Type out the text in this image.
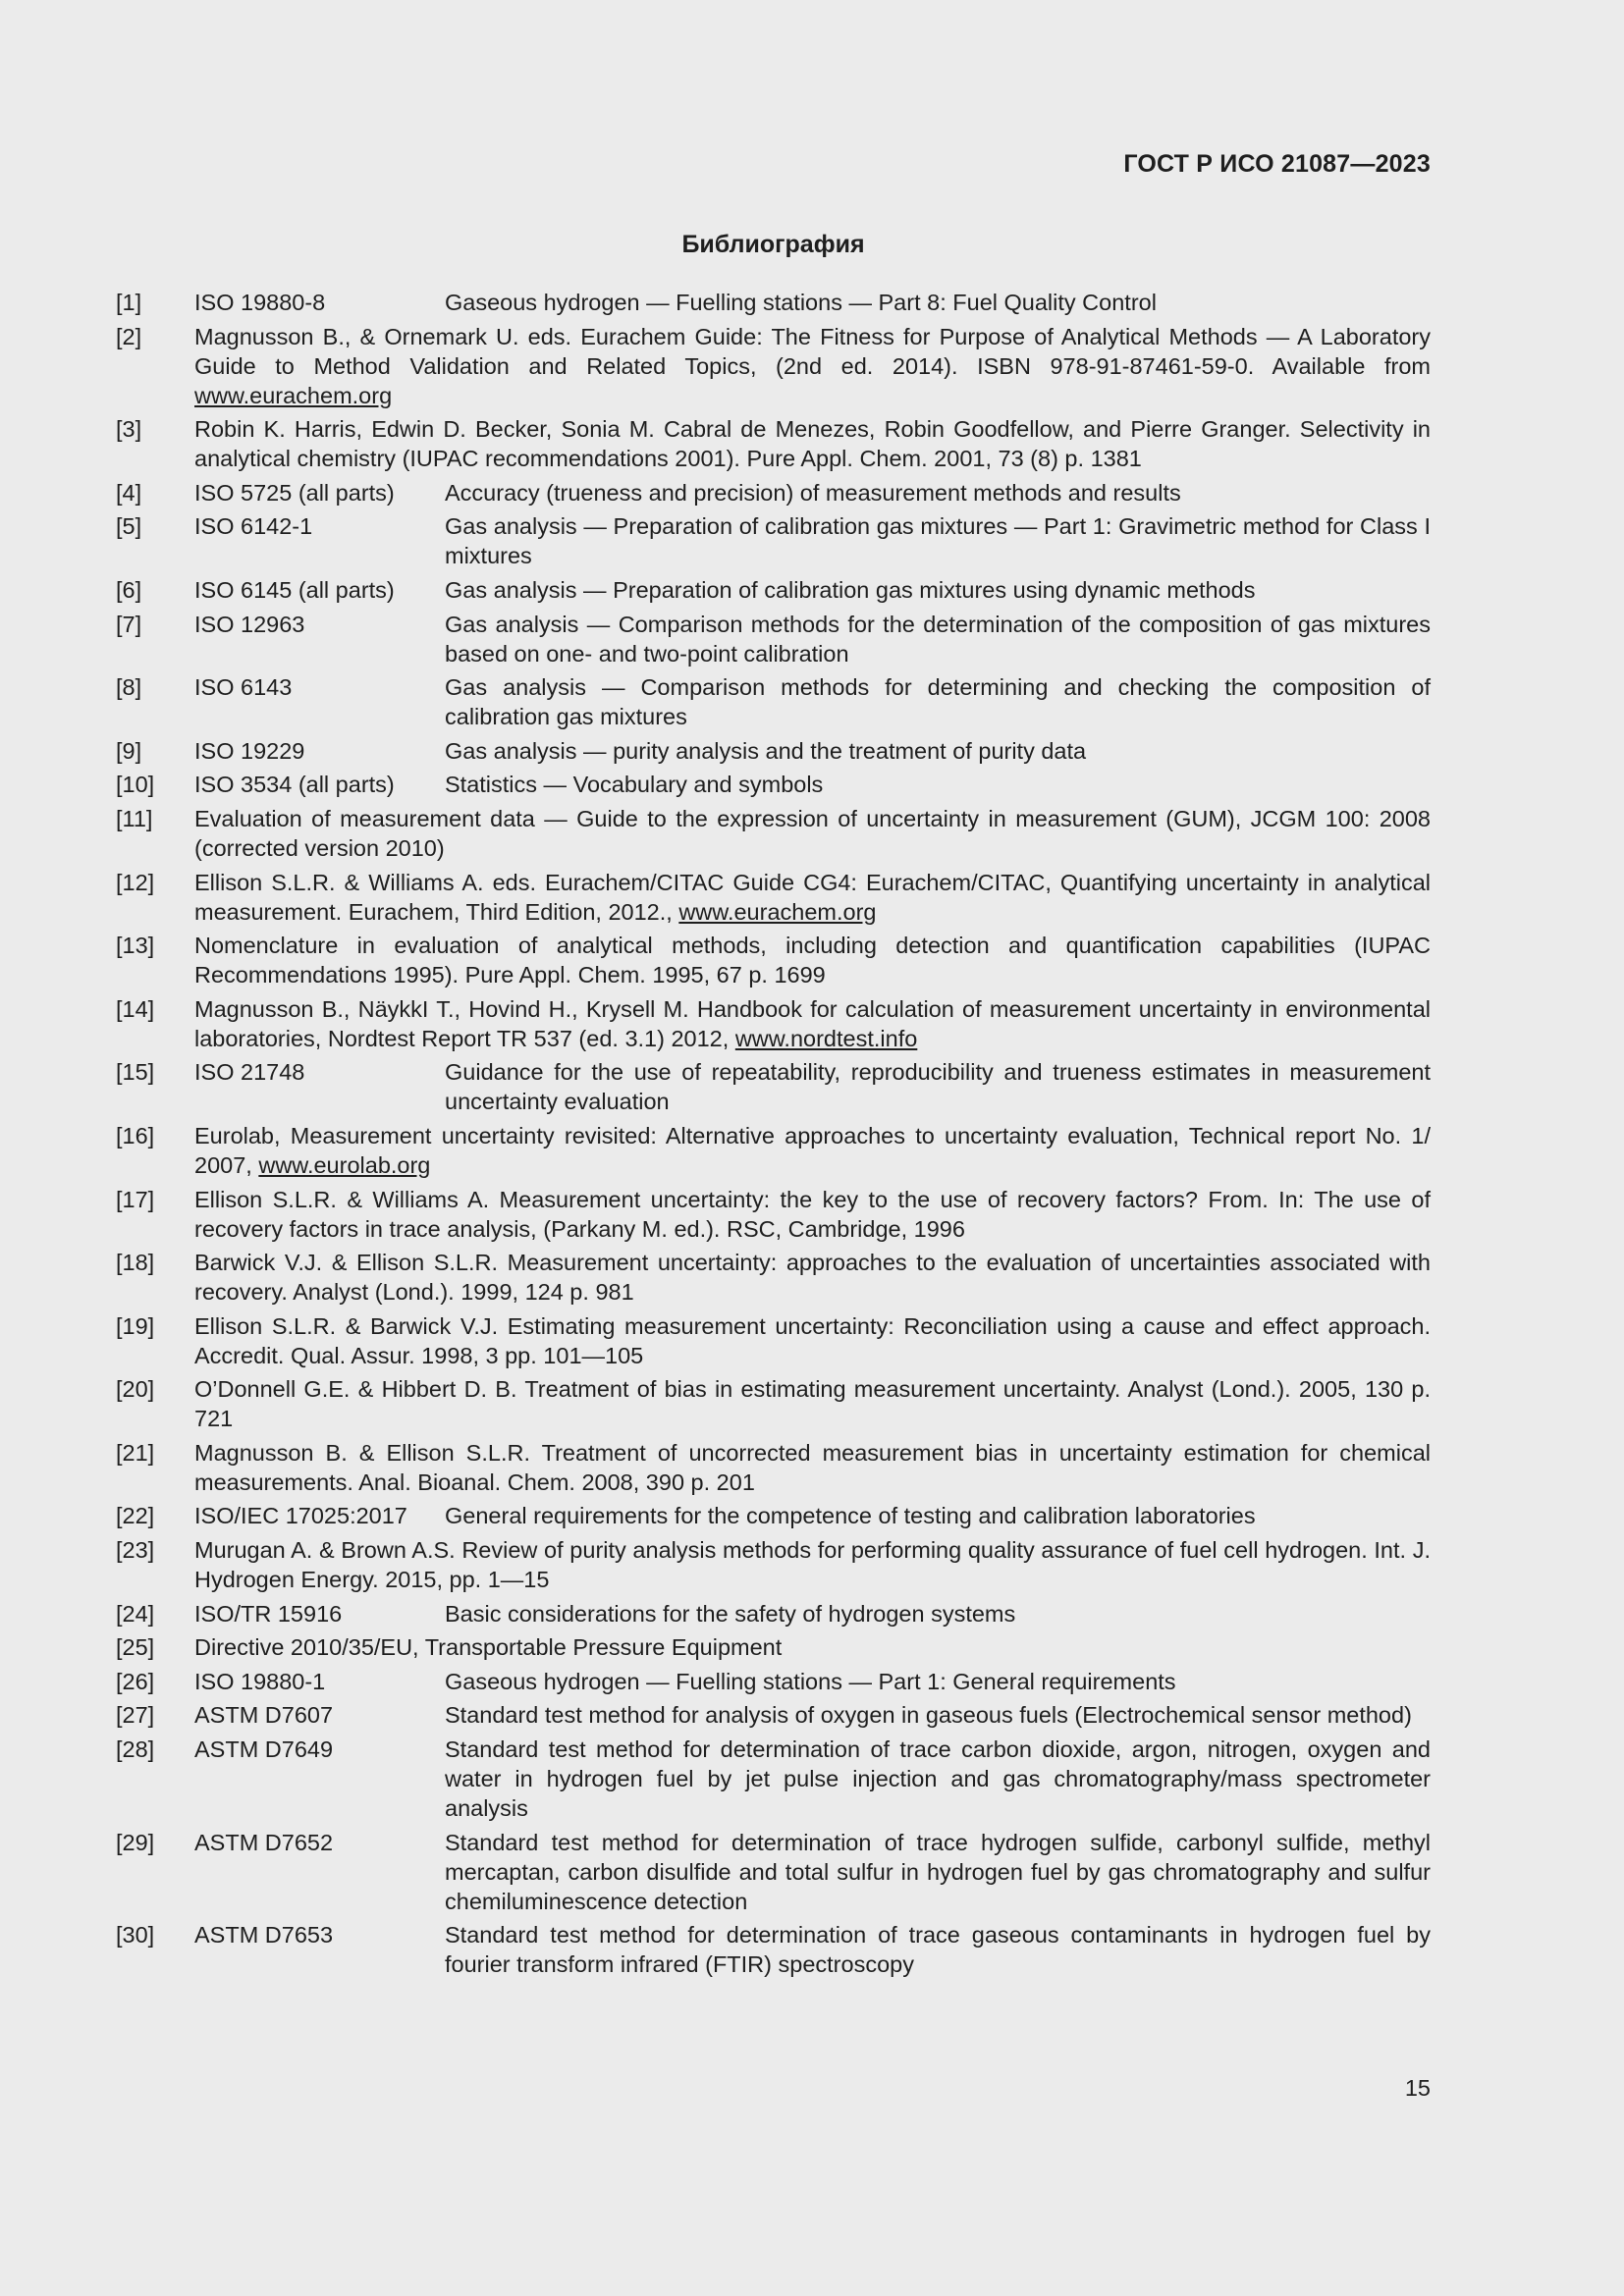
ГОСТ Р ИСО 21087—2023
Библиография
[1]	ISO 19880-8	Gaseous hydrogen — Fuelling stations — Part 8: Fuel Quality Control
[2]	Magnusson B., & Ornemark U. eds. Eurachem Guide: The Fitness for Purpose of Analytical Methods — A Laboratory Guide to Method Validation and Related Topics, (2nd ed. 2014). ISBN 978-91-87461-59-0. Available from www.eurachem.org
[3]	Robin K. Harris, Edwin D. Becker, Sonia M. Cabral de Menezes, Robin Goodfellow, and Pierre Granger. Selectivity in analytical chemistry (IUPAC recommendations 2001). Pure Appl. Chem. 2001, 73 (8) p. 1381
[4]	ISO 5725 (all parts)	Accuracy (trueness and precision) of measurement methods and results
[5]	ISO 6142-1	Gas analysis — Preparation of calibration gas mixtures — Part 1: Gravimetric method for Class I mixtures
[6]	ISO 6145 (all parts)	Gas analysis — Preparation of calibration gas mixtures using dynamic methods
[7]	ISO 12963	Gas analysis — Comparison methods for the determination of the composition of gas mixtures based on one- and two-point calibration
[8]	ISO 6143	Gas analysis — Comparison methods for determining and checking the composition of calibration gas mixtures
[9]	ISO 19229	Gas analysis — purity analysis and the treatment of purity data
[10]	ISO 3534 (all parts)	Statistics — Vocabulary and symbols
[11]	Evaluation of measurement data — Guide to the expression of uncertainty in measurement (GUM), JCGM 100: 2008 (corrected version 2010)
[12]	Ellison S.L.R. & Williams A. eds. Eurachem/CITAC Guide CG4: Eurachem/CITAC, Quantifying uncertainty in analytical measurement. Eurachem, Third Edition, 2012., www.eurachem.org
[13]	Nomenclature in evaluation of analytical methods, including detection and quantification capabilities (IUPAC Recommendations 1995). Pure Appl. Chem. 1995, 67 p. 1699
[14]	Magnusson B., NäykkI T., Hovind H., Krysell M. Handbook for calculation of measurement uncertainty in environmental laboratories, Nordtest Report TR 537 (ed. 3.1) 2012, www.nordtest.info
[15]	ISO 21748	Guidance for the use of repeatability, reproducibility and trueness estimates in measurement uncertainty evaluation
[16]	Eurolab, Measurement uncertainty revisited: Alternative approaches to uncertainty evaluation, Technical report No. 1/ 2007, www.eurolab.org
[17]	Ellison S.L.R. & Williams A. Measurement uncertainty: the key to the use of recovery factors? From. In: The use of recovery factors in trace analysis, (Parkany M. ed.). RSC, Cambridge, 1996
[18]	Barwick V.J. & Ellison S.L.R. Measurement uncertainty: approaches to the evaluation of uncertainties associated with recovery. Analyst (Lond.). 1999, 124 p. 981
[19]	Ellison S.L.R. & Barwick V.J. Estimating measurement uncertainty: Reconciliation using a cause and effect approach. Accredit. Qual. Assur. 1998, 3 pp. 101—105
[20]	O’Donnell G.E. & Hibbert D. B. Treatment of bias in estimating measurement uncertainty. Analyst (Lond.). 2005, 130 p. 721
[21]	Magnusson B. & Ellison S.L.R. Treatment of uncorrected measurement bias in uncertainty estimation for chemical measurements. Anal. Bioanal. Chem. 2008, 390 p. 201
[22]	ISO/IEC 17025:2017	General requirements for the competence of testing and calibration laboratories
[23]	Murugan A. & Brown A.S. Review of purity analysis methods for performing quality assurance of fuel cell hydrogen. Int. J. Hydrogen Energy. 2015, pp. 1—15
[24]	ISO/TR 15916	Basic considerations for the safety of hydrogen systems
[25]	Directive 2010/35/EU, Transportable Pressure Equipment
[26]	ISO 19880-1	Gaseous hydrogen — Fuelling stations — Part 1: General requirements
[27]	ASTM D7607	Standard test method for analysis of oxygen in gaseous fuels (Electrochemical sensor method)
[28]	ASTM D7649	Standard test method for determination of trace carbon dioxide, argon, nitrogen, oxygen and water in hydrogen fuel by jet pulse injection and gas chromatography/mass spectrometer analysis
[29]	ASTM D7652	Standard test method for determination of trace hydrogen sulfide, carbonyl sulfide, methyl mercaptan, carbon disulfide and total sulfur in hydrogen fuel by gas chromatography and sulfur chemiluminescence detection
[30]	ASTM D7653	Standard test method for determination of trace gaseous contaminants in hydrogen fuel by fourier transform infrared (FTIR) spectroscopy
15
